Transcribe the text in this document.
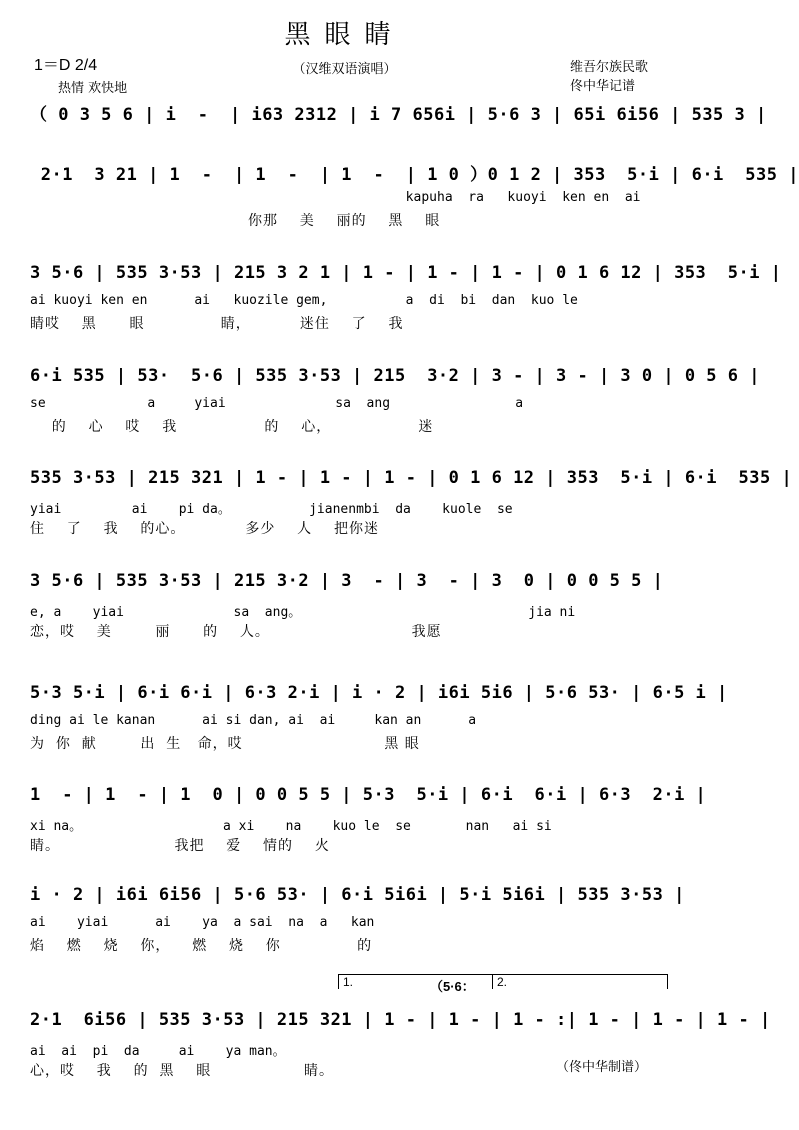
黑眼睛
（汉维双语演唱）
1＝D 2/4
热情 欢快地
维吾尔族民歌
佟中华记谱
（ 0 3 5 6 | i  -  | i63 2312 | i 7 656i | 5·6 3 | 65i 6i56 | 535 3 |
2·1  3 21 | 1  -  | 1  -  | 1  -  | 1 0 ）0 1 2 | 353  5·i | 6·i  535 |
kapuha  ra   kuoyi  ken en  ai
你那    美    丽的    黑    眼
3 5·6 | 535 3·53 | 215 3 2 1 | 1 - | 1 - | 1 - | 0 1 6 12 | 353  5·i |
ai kuoyi ken en      ai   kuozile gem,          a  di  bi  dan  kuo le
睛哎    黑      眼              睛，         迷住    了    我
6·i 535 | 53·  5·6 | 535 3·53 | 215  3·2 | 3 - | 3 - | 3 0 | 0 5 6 |
se             a     yiai              sa  ang                a
的    心    哎    我                的    心，                迷
535 3·53 | 215 321 | 1 - | 1 - | 1 - | 0 1 6 12 | 353  5·i | 6·i  535 |
yiai         ai    pi da。          jianenmbi  da    kuole  se
住    了    我    的心。           多少    人    把你迷
3 5·6 | 535 3·53 | 215 3·2 | 3  - | 3  - | 3  0 | 0 0 5 5 |
e, a    yiai              sa  ang。                             jia ni
恋，哎    美        丽      的    人。                          我愿
5·3 5·i | 6·i 6·i | 6·3 2·i | i · 2 | i6i 5i6 | 5·6 53· | 6·5 i |
ding ai le kanan      ai si dan, ai  ai     kan an      a
为  你  献        出  生   命，哎                          黑 眼
1  - | 1  - | 1  0 | 0 0 5 5 | 5·3  5·i | 6·i  6·i | 6·3  2·i |
xi na。                  a xi    na    kuo le  se       nan   ai si
睛。                     我把    爱    情的    火
i · 2 | i6i 6i56 | 5·6 53· | 6·i 5i6i | 5·i 5i6i | 535 3·53 |
ai    yiai      ai    ya  a sai  na  a   kan
焰    燃    烧    你，    燃    烧    你              的
1.	（5·6：	2.
2·1  6i56 | 535 3·53 | 215 321 | 1 - | 1 - | 1 - :| 1 - | 1 - | 1 - |
ai  ai  pi  da     ai    ya man。
心，哎    我    的  黑    眼                 睛。	（佟中华制谱）
